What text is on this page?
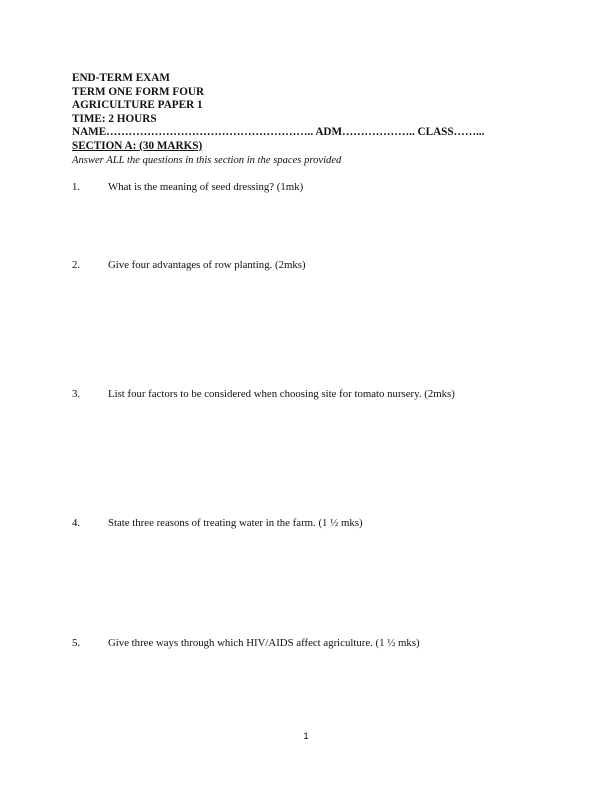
END-TERM EXAM
TERM ONE FORM FOUR
AGRICULTURE PAPER 1
TIME: 2 HOURS
NAME……………………………………………….. ADM……………….. CLASS……...
SECTION A: (30 MARKS)
Answer ALL the questions in this section in the spaces provided
1.	What is the meaning of seed dressing? (1mk)
2.	Give four advantages of row planting. (2mks)
3.	List four factors to be considered when choosing site for tomato nursery. (2mks)
4.	State three reasons of treating water in the farm. (1 ½ mks)
5.	Give three ways through which HIV/AIDS affect agriculture. (1 ½ mks)
1
